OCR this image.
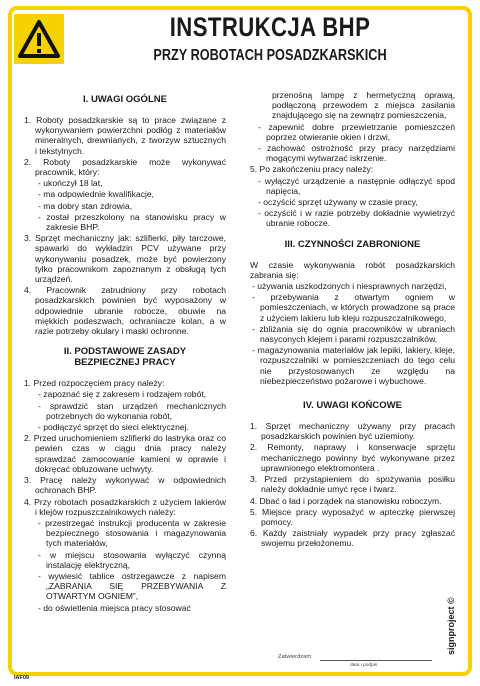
INSTRUKCJA BHP
PRZY ROBOTACH POSADZKARSKICH
I. UWAGI OGÓLNE
1. Roboty posadzkarskie są to prace związane z wykonywaniem powierzchni podłóg z materiałów mineralnych, drewnianych, z tworzyw sztucznych i tekstylnych.
2. Roboty posadzkarskie może wykonywać pracownik, który:
- ukończył 18 lat,
- ma odpowiednie kwalifikacje,
- ma dobry stan zdrowia,
- został przeszkolony na stanowisku pracy w zakresie BHP.
3. Sprzęt mechaniczny jak: szlifierki, piły tarczowe, spawarki do wykładzin PCV używane przy wykonywaniu posadzek, może być powierzony tylko pracownikom zapoznanym z obsługą tych urządzeń.
4. Pracownik zatrudniony przy robotach posadzkarskich powinien być wyposażony w odpowiednie ubranie robocze, obuwie na miękkich podeszwach, ochraniacze kolan, a w razie potrzeby okulary i maski ochronne.
II. PODSTAWOWE ZASADY
BEZPIECZNEJ PRACY
1. Przed rozpoczęciem pracy należy:
- zapoznać się z zakresem i rodzajem robót,
- sprawdzić stan urządzeń mechanicznych potrzebnych do wykonania robót,
- podłączyć sprzęt do sieci elektrycznej.
2. Przed uruchomieniem szlifierki do lastryka oraz co pewien czas w ciągu dnia pracy należy sprawdzać zamocowanie kamieni w oprawie i dokręcać obluzowane uchwyty.
3. Pracę należy wykonywać w odpowiednich ochronach BHP.
4. Przy robotach posadzkarskich z użyciem lakierów i klejów rozpuszczalnikowych należy:
- przestrzegać instrukcji producenta w zakresie bezpiecznego stosowania i magazynowania tych materiałów,
- w miejscu stosowania wyłączyć czynną instalację elektryczną,
- wywiesić tablice ostrzegawcze z napisem „ZABRANIA SIĘ PRZEBYWANIA Z OTWARTYM OGNIEM”,
- do oświetlenia miejsca pracy stosować
przenośną lampę z hermetyczną oprawą, podłączoną przewodem z miejsca zasilania znajdującego się na zewnątrz pomieszczenia,
- zapewnić dobre przewietrzanie pomieszczeń poprzez otwieranie okien i drzwi,
- zachować ostrożność przy pracy narzędziami mogącymi wytwarzać iskrzenie.
5. Po zakończeniu pracy należy:
- wyłączyć urządzenie a następnie odłączyć spod napięcia,
- oczyścić sprzęt używany w czasie pracy,
- oczyścić i w razie potrzeby dokładnie wywietrzyć ubranie robocze.
III. CZYNNOŚCI ZABRONIONE
W czasie wykonywania robót posadzkarskich zabrania się:
- używania uszkodzonych i niesprawnych narzędzi,
- przebywania z otwartym ogniem w pomieszczeniach, w których prowadzone są prace z użyciem lakieru lub kleju rozpuszczalnikowego,
- zbliżania się do ognia pracowników w ubraniach nasyconych klejem i parami rozpuszczalników,
- magazynowania materiałów jak lepiki, lakiery, kleje, rozpuszczalniki w pomieszczeniach do tego celu nie przystosowanych ze względu na niebezpieczeństwo pożarowe i wybuchowe.
IV. UWAGI KOŃCOWE
1. Sprzęt mechaniczny używany przy pracach posadzkarskich powinien być uziemiony.
2. Remonty, naprawy i konserwacje sprzętu mechanicznego powinny być wykonywane przez uprawnionego elektromontera .
3. Przed przystąpieniem do spożywania posiłku należy dokładnie umyć ręce i twarz.
4. Dbać o ład i porządek na stanowisku roboczym.
5. Miejsce pracy wyposażyć w apteczkę pierwszej pomocy.
6. Każdy zaistniały wypadek przy pracy zgłaszać swojemu przełożonemu.
Zatwierdzam
data i podpis
signproject ©
IAF09
